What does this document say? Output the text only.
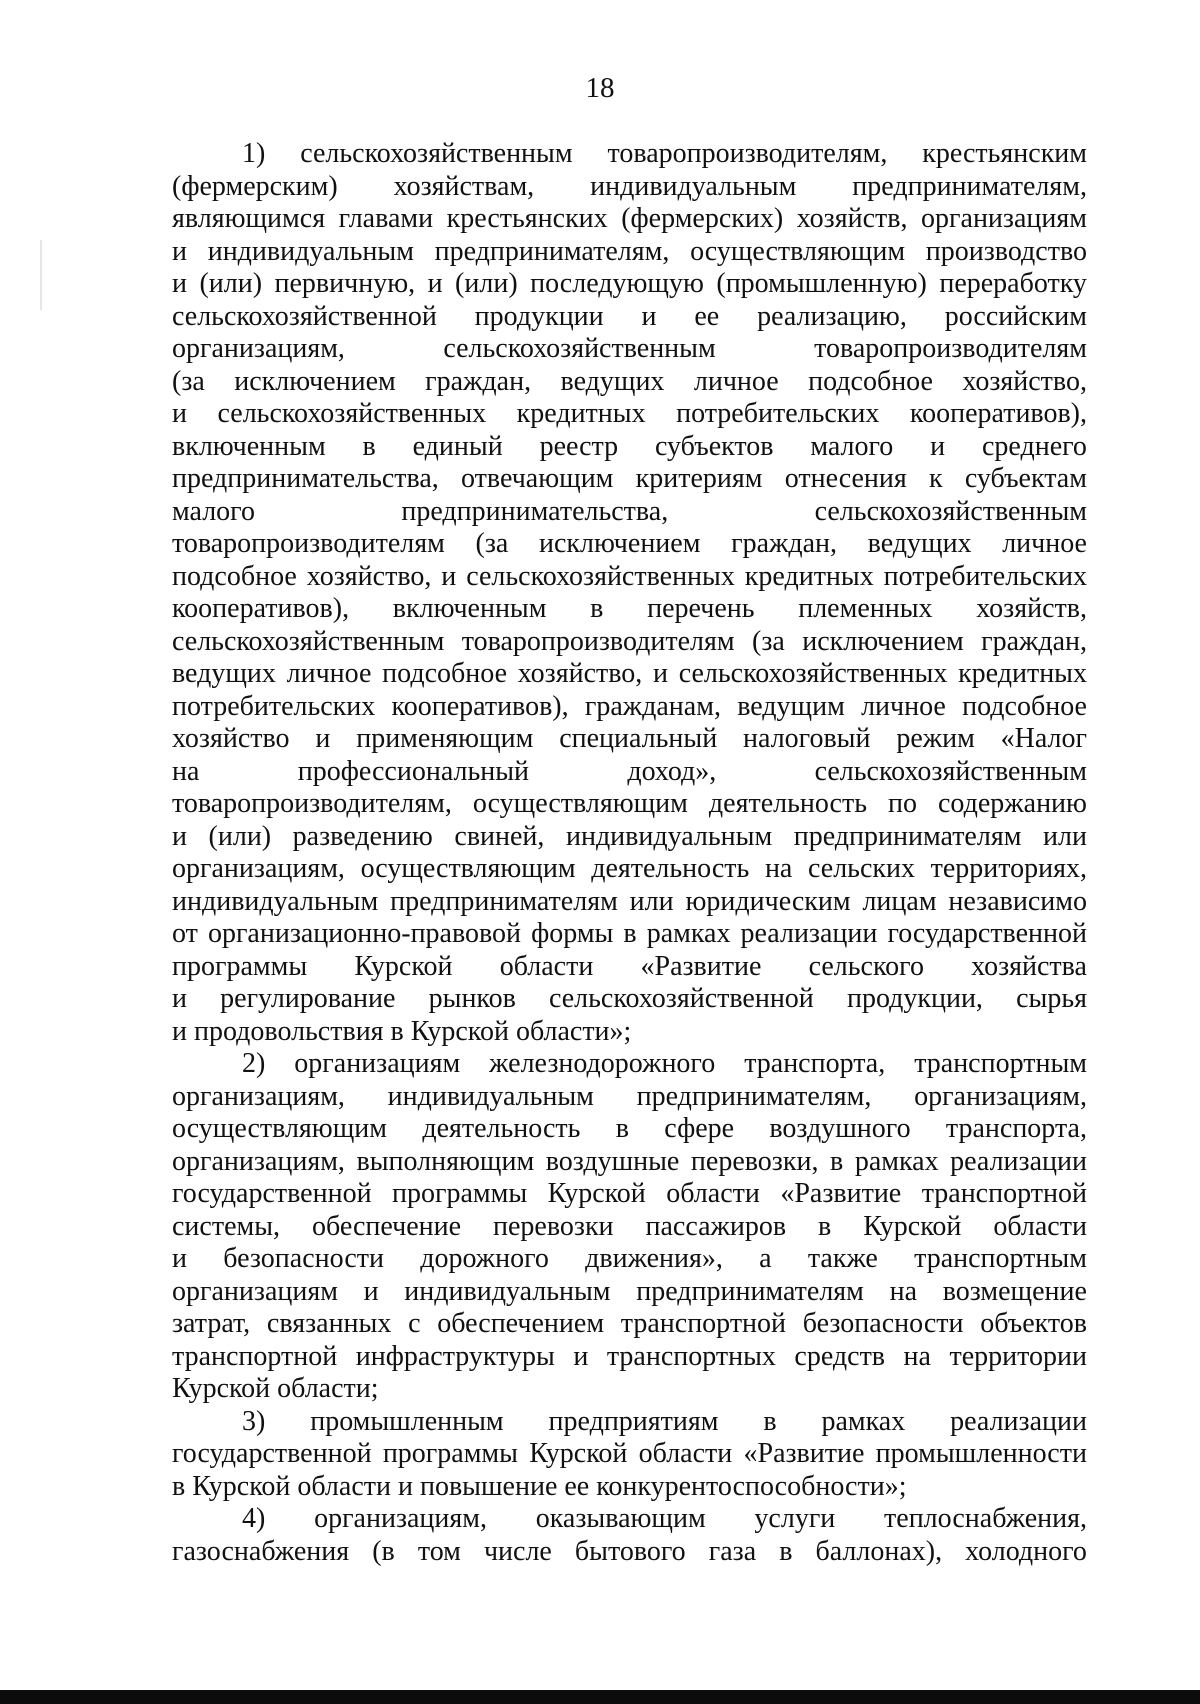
18
1) сельскохозяйственным товаропроизводителям, крестьянским
(фермерским) хозяйствам, индивидуальным предпринимателям,
являющимся главами крестьянских (фермерских) хозяйств, организациям
и индивидуальным предпринимателям, осуществляющим производство
и (или) первичную, и (или) последующую (промышленную) переработку
сельскохозяйственной продукции и ее реализацию, российским
организациям,	сельскохозяйственным	товаропроизводителям
(за исключением граждан, ведущих личное подсобное хозяйство,
и сельскохозяйственных кредитных потребительских кооперативов),
включенным в единый реестр субъектов малого и среднего
предпринимательства, отвечающим критериям отнесения к субъектам
малого	предпринимательства,	сельскохозяйственным
товаропроизводителям (за исключением граждан, ведущих личное
подсобное хозяйство, и сельскохозяйственных кредитных потребительских
кооперативов), включенным в перечень племенных хозяйств,
сельскохозяйственным товаропроизводителям (за исключением граждан,
ведущих личное подсобное хозяйство, и сельскохозяйственных кредитных
потребительских кооперативов), гражданам, ведущим личное подсобное
хозяйство и применяющим специальный налоговый режим «Налог
на	профессиональный	доход»,	сельскохозяйственным
товаропроизводителям, осуществляющим деятельность по содержанию
и (или) разведению свиней, индивидуальным предпринимателям или
организациям, осуществляющим деятельность на сельских территориях,
индивидуальным предпринимателям или юридическим лицам независимо
от организационно-правовой формы в рамках реализации государственной
программы Курской области «Развитие сельского хозяйства
и регулирование рынков сельскохозяйственной продукции, сырья
и продовольствия в Курской области»;
2) организациям железнодорожного транспорта, транспортным
организациям, индивидуальным предпринимателям, организациям,
осуществляющим деятельность в сфере воздушного транспорта,
организациям, выполняющим воздушные перевозки, в рамках реализации
государственной программы Курской области «Развитие транспортной
системы, обеспечение перевозки пассажиров в Курской области
и безопасности дорожного движения», а также транспортным
организациям и индивидуальным предпринимателям на возмещение
затрат, связанных с обеспечением транспортной безопасности объектов
транспортной инфраструктуры и транспортных средств на территории
Курской области;
3) промышленным предприятиям в рамках реализации
государственной программы Курской области «Развитие промышленности
в Курской области и повышение ее конкурентоспособности»;
4) организациям, оказывающим услуги теплоснабжения,
газоснабжения (в том числе бытового газа в баллонах), холодного
